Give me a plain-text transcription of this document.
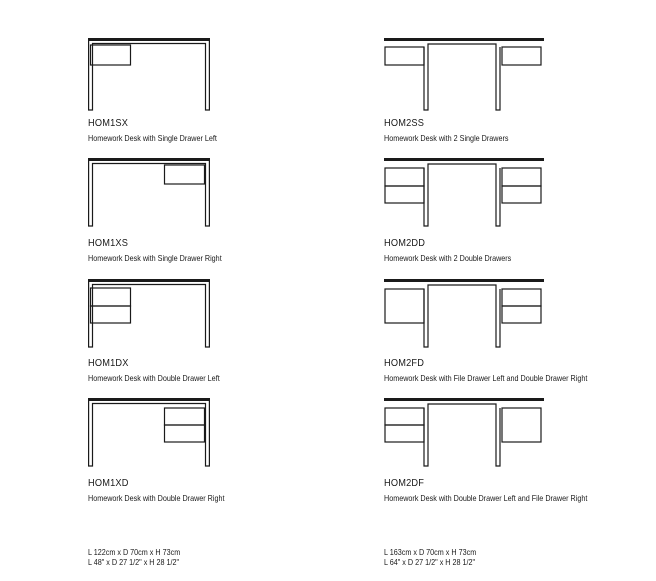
HOM1SX
Homework Desk with Single Drawer Left
HOM1XS
Homework Desk with Single Drawer Right
HOM1DX
Homework Desk with Double Drawer Left
HOM1XD
Homework Desk with Double Drawer Right
HOM2SS
Homework Desk with 2 Single Drawers
HOM2DD
Homework Desk with 2 Double Drawers
HOM2FD
Homework Desk with File Drawer Left and Double Drawer Right
HOM2DF
Homework Desk with Double Drawer Left and File Drawer Right
L 122cm x D 70cm x H 73cm
L 48" x D 27 1/2" x H 28 1/2"
L 163cm x D 70cm x H 73cm
L 64" x D 27 1/2" x H 28 1/2"
